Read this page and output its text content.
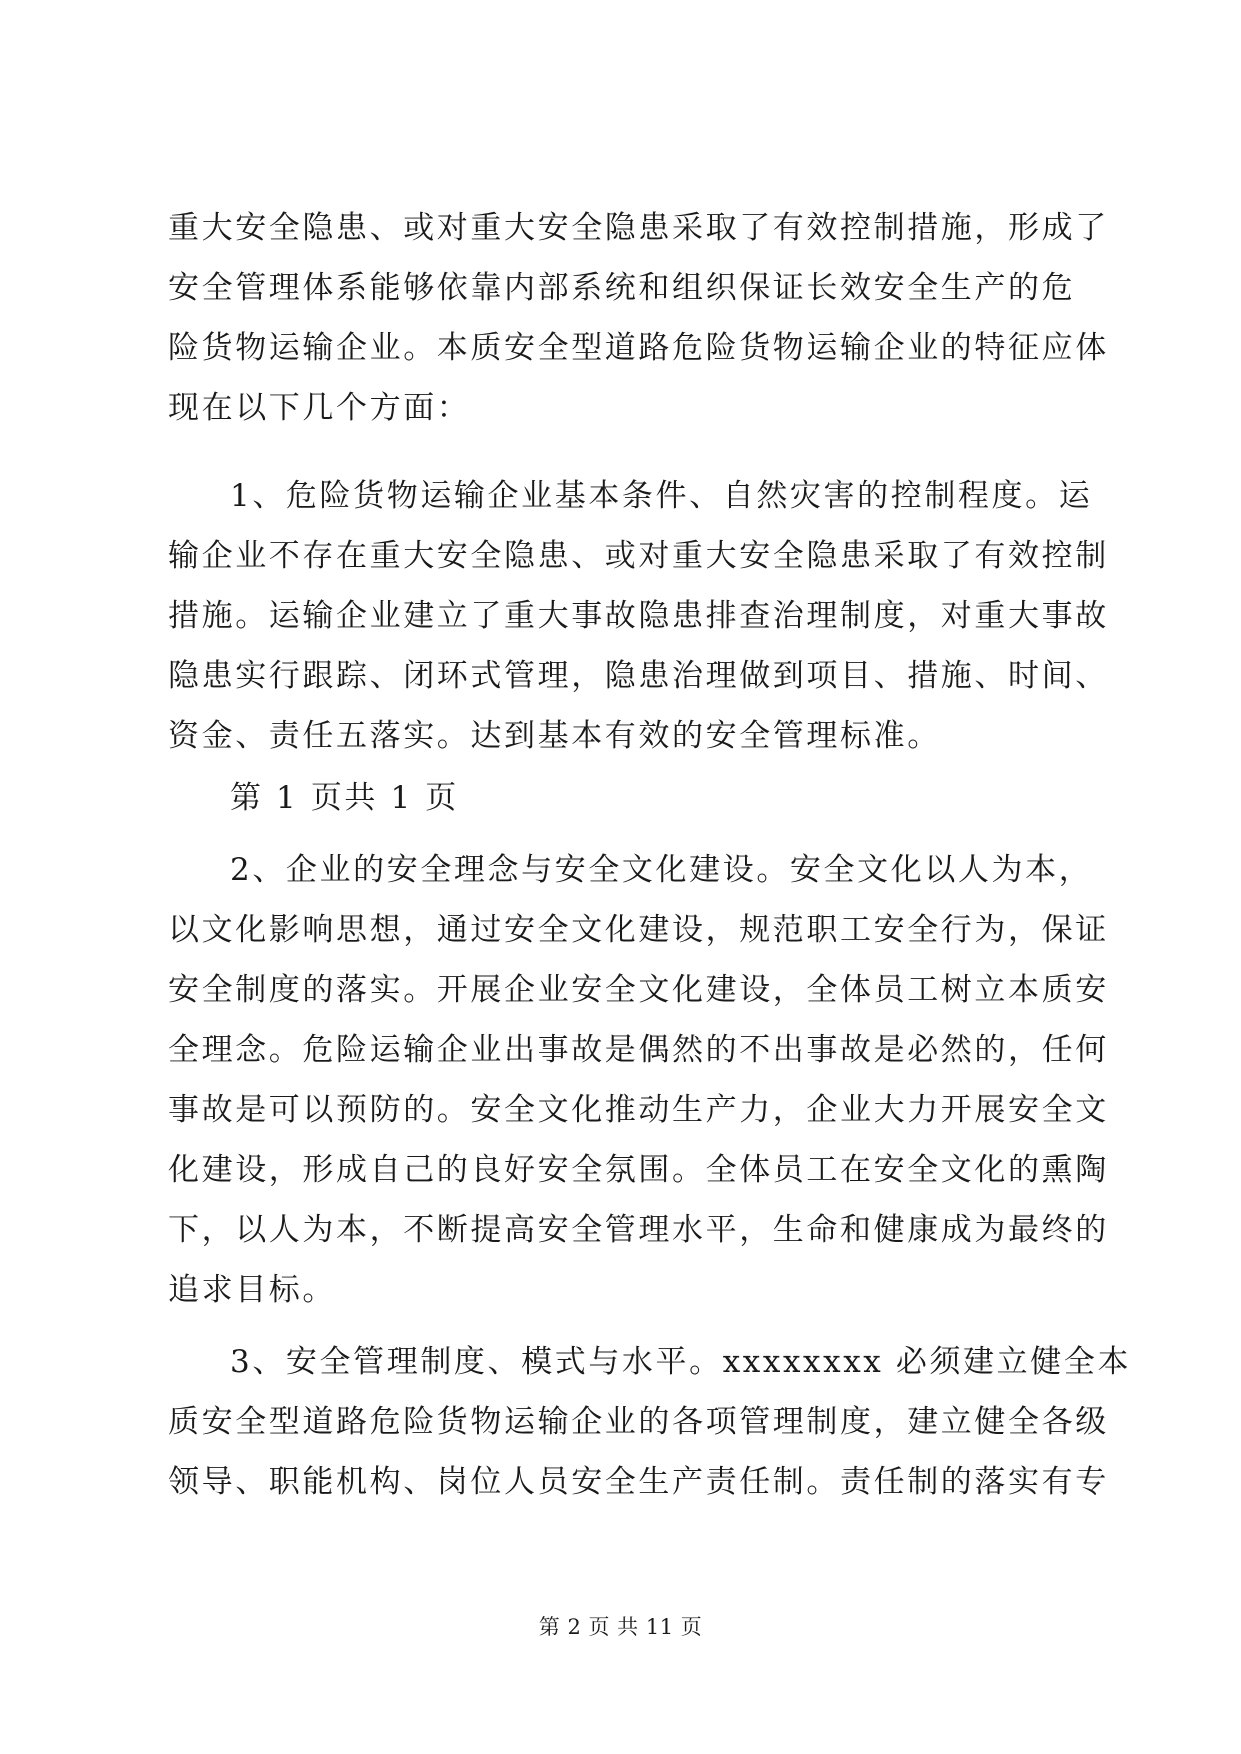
重大安全隐患、或对重大安全隐患采取了有效控制措施，形成了
安全管理体系能够依靠内部系统和组织保证长效安全生产的危
险货物运输企业。本质安全型道路危险货物运输企业的特征应体
现在以下几个方面：
1、危险货物运输企业基本条件、自然灾害的控制程度。运
输企业不存在重大安全隐患、或对重大安全隐患采取了有效控制
措施。运输企业建立了重大事故隐患排查治理制度，对重大事故
隐患实行跟踪、闭环式管理，隐患治理做到项目、措施、时间、
资金、责任五落实。达到基本有效的安全管理标准。
第 1 页共 1 页
2、企业的安全理念与安全文化建设。安全文化以人为本，
以文化影响思想，通过安全文化建设，规范职工安全行为，保证
安全制度的落实。开展企业安全文化建设，全体员工树立本质安
全理念。危险运输企业出事故是偶然的不出事故是必然的，任何
事故是可以预防的。安全文化推动生产力，企业大力开展安全文
化建设，形成自己的良好安全氛围。全体员工在安全文化的熏陶
下，以人为本，不断提高安全管理水平，生命和健康成为最终的
追求目标。
3、安全管理制度、模式与水平。xxxxxxxx 必须建立健全本
质安全型道路危险货物运输企业的各项管理制度，建立健全各级
领导、职能机构、岗位人员安全生产责任制。责任制的落实有专
第 2 页 共 11 页
